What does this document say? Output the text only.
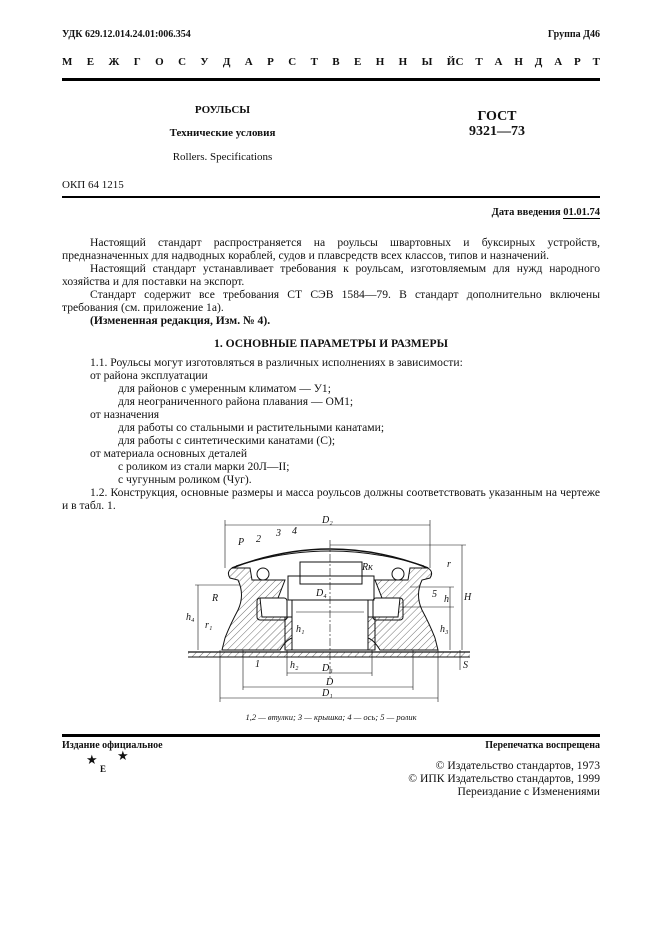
УДК 629.12.014.24.01:006.354	Группа Д46
М Е Ж Г О С У Д А Р С Т В Е Н Н Ы Й С Т А Н Д А Р Т
РОУЛЬСЫ
Технические условия
Rollers. Specifications
ГОСТ
9321—73
ОКП 64 1215
Дата введения 01.01.74

Настоящий стандарт распространяется на роульсы швартовных и буксирных устройств, предназначенных для надводных кораблей, судов и плавсредств всех классов, типов и назначений.

Настоящий стандарт устанавливает требования к роульсам, изготовляемым для нужд народного хозяйства и для поставки на экспорт.

Стандарт содержит все требования СТ СЭВ 1584—79. В стандарт дополнительно включены требования (см. приложение 1а).

(Измененная редакция, Изм. № 4).

1. ОСНОВНЫЕ ПАРАМЕТРЫ И РАЗМЕРЫ

1.1. Роульсы могут изготовляться в различных исполнениях в зависимости:

от района эксплуатации

для районов с умеренным климатом — У1;

для неограниченного района плавания — ОМ1;

от назначения

для работы со стальными и растительными канатами;

для работы с синтетическими канатами (С);

от материала основных деталей

с роликом из стали марки 20Л—II;

с чугунным роликом (Чуг).

1.2. Конструкция, основные размеры и масса роульсов должны соответствовать указанным на чертеже и в табл. 1.

D₂
P 2
3 4
Rк	r
R
r₁
5 h H
h₄
h₁	h₃
D₄
1	h₂ D₃
D
D₁
S
1,2 — втулки; 3 — крышка; 4 — ось; 5 — ролик
Издание официальное	Перепечатка воспрещена
★ ★
Е	© Издательство стандартов, 1973
© ИПК Издательство стандартов, 1999
Переиздание с Изменениями
